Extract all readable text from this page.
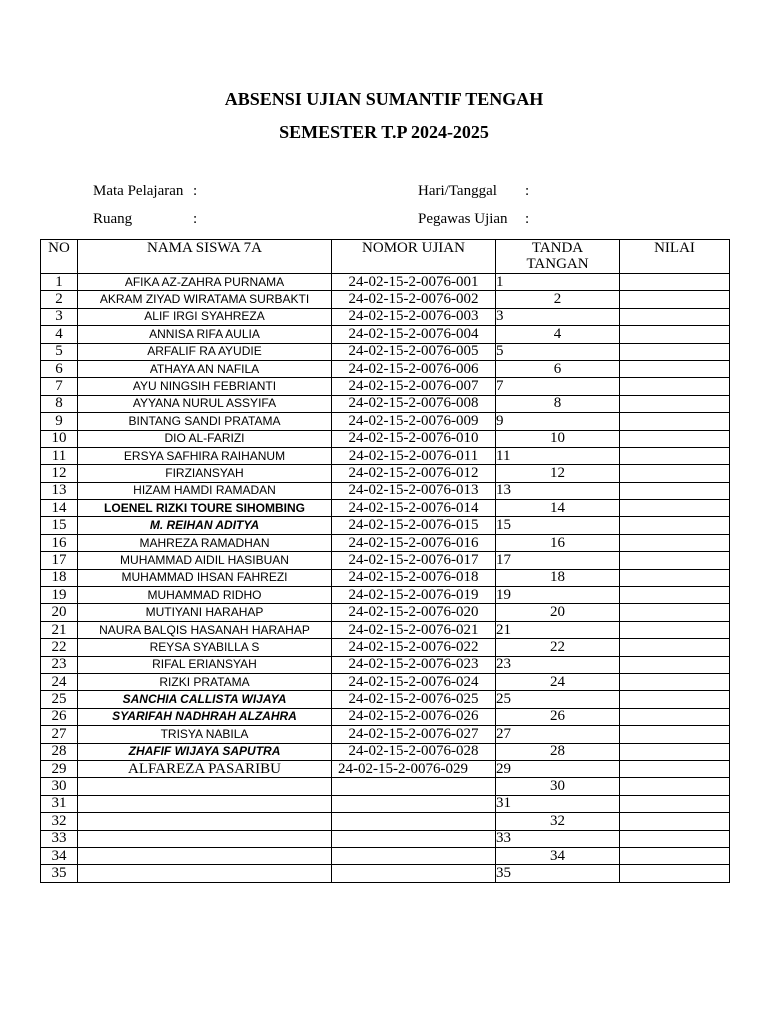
ABSENSI UJIAN SUMANTIF TENGAH
SEMESTER T.P 2024-2025
Mata Pelajaran :
Ruang	:
Hari/Tanggal :
Pegawas Ujian :
NO	NAMA SISWA 7A	NOMOR UJIAN	TANDA TANGAN	NILAI
1	AFIKA AZ-ZAHRA PURNAMA	24-02-15-2-0076-001	1	
2	AKRAM ZIYAD WIRATAMA SURBAKTI	24-02-15-2-0076-002	2	
3	ALIF IRGI SYAHREZA	24-02-15-2-0076-003	3	
4	ANNISA RIFA AULIA	24-02-15-2-0076-004	4	
5	ARFALIF RA AYUDIE	24-02-15-2-0076-005	5	
6	ATHAYA AN NAFILA	24-02-15-2-0076-006	6	
7	AYU NINGSIH FEBRIANTI	24-02-15-2-0076-007	7	
8	AYYANA NURUL ASSYIFA	24-02-15-2-0076-008	8	
9	BINTANG SANDI PRATAMA	24-02-15-2-0076-009	9	
10	DIO AL-FARIZI	24-02-15-2-0076-010	10	
11	ERSYA SAFHIRA RAIHANUM	24-02-15-2-0076-011	11	
12	FIRZIANSYAH	24-02-15-2-0076-012	12	
13	HIZAM HAMDI RAMADAN	24-02-15-2-0076-013	13	
14	LOENEL RIZKI TOURE SIHOMBING	24-02-15-2-0076-014	14	
15	M. REIHAN ADITYA	24-02-15-2-0076-015	15	
16	MAHREZA RAMADHAN	24-02-15-2-0076-016	16	
17	MUHAMMAD AIDIL HASIBUAN	24-02-15-2-0076-017	17	
18	MUHAMMAD IHSAN FAHREZI	24-02-15-2-0076-018	18	
19	MUHAMMAD RIDHO	24-02-15-2-0076-019	19	
20	MUTIYANI HARAHAP	24-02-15-2-0076-020	20	
21	NAURA BALQIS HASANAH HARAHAP	24-02-15-2-0076-021	21	
22	REYSA SYABILLA S	24-02-15-2-0076-022	22	
23	RIFAL ERIANSYAH	24-02-15-2-0076-023	23	
24	RIZKI PRATAMA	24-02-15-2-0076-024	24	
25	SANCHIA CALLISTA WIJAYA	24-02-15-2-0076-025	25	
26	SYARIFAH NADHRAH ALZAHRA	24-02-15-2-0076-026	26	
27	TRISYA NABILA	24-02-15-2-0076-027	27	
28	ZHAFIF WIJAYA SAPUTRA	24-02-15-2-0076-028	28	
29	ALFAREZA PASARIBU	24-02-15-2-0076-029	29	
30			30	
31			31	
32			32	
33			33	
34			34	
35			35	
